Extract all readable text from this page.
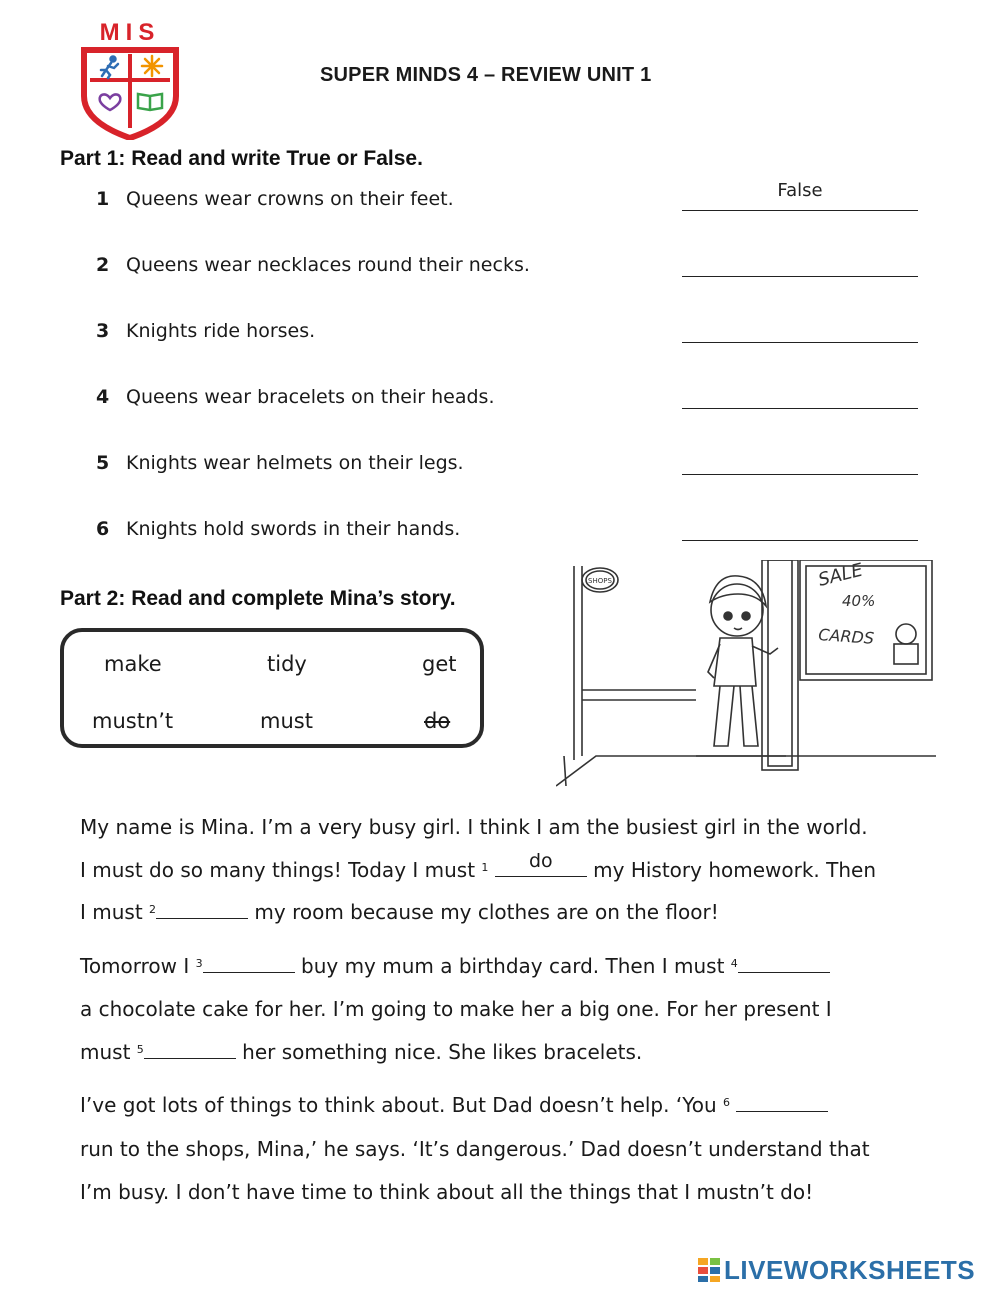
MIS
SUPER MINDS 4 – REVIEW UNIT 1
Part 1: Read and write True or False.
1 Queens wear crowns on their feet.	False
2 Queens wear necklaces round their necks.
3 Knights ride horses.
4 Queens wear bracelets on their heads.
5 Knights wear helmets on their legs.
6 Knights hold swords in their hands.
Part 2: Read and complete Mina’s story.
make	tidy	get
mustn’t	must	do
SHOPS	SALE
40%
CARDS
My name is Mina. I’m a very busy girl. I think I am the busiest girl in the world.
I must do so many things! Today I must $^1$	do	my History homework. Then
I must $^2$	my room because my clothes are on the floor!
Tomorrow I $^3$	buy my mum a birthday card. Then I must $^4$
a chocolate cake for her. I’m going to make her a big one. For her present I
must $^5$	her something nice. She likes bracelets.
I’ve got lots of things to think about. But Dad doesn’t help. ‘You $^6$
run to the shops, Mina,’ he says. ‘It’s dangerous.’ Dad doesn’t understand that
I’m busy. I don’t have time to think about all the things that I mustn’t do!
LIVEWORKSHEETS
